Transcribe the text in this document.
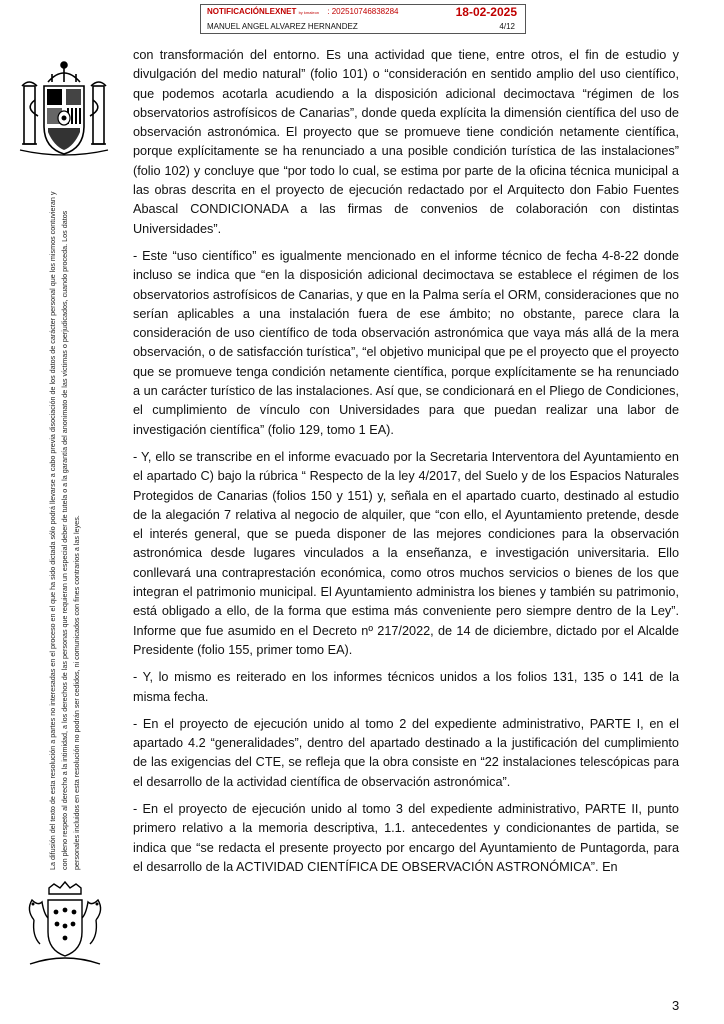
NOTIFICACIÓNLEXNET by kmaleon : 202510746838284	18-02-2025
MANUEL ANGEL ALVAREZ HERNANDEZ	4/12
La difusión del texto de esta resolución a partes no interesadas en el proceso en el que ha sido dictada sólo podrá llevarse a cabo previa disociación de los datos de carácter personal que los mismos contuvieran y con pleno respeto al derecho a la intimidad, a los derechos de las personas que requieran un especial deber de tutela o a la garantía del anonimato de las víctimas o perjudicados, cuando proceda. Los datos personales incluidos en esta resolución no podrán ser cedidos, ni comunicados con fines contrarios a las leyes.

con transformación del entorno. Es una actividad que tiene, entre otros, el fin de estudio y divulgación del medio natural” (folio 101) o “consideración en sentido amplio del uso científico, que podemos acotarla acudiendo a la disposición adicional decimoctava “régimen de los observatorios astrofísicos de Canarias”, donde queda explícita la dimensión científica del uso de observación astronómica. El proyecto que se promueve tiene condición netamente científica, porque explícitamente se ha renunciado a una posible condición turística de las instalaciones” (folio 102) y concluye que “por todo lo cual, se estima por parte de la oficina técnica municipal a las obras descrita en el proyecto de ejecución redactado por el Arquitecto don Fabio Fuentes Abascal CONDICIONADA a las firmas de convenios de colaboración con distintas Universidades”.

- Este “uso científico” es igualmente mencionado en el informe técnico de fecha 4-8-22 donde incluso se indica que “en la disposición adicional decimoctava se establece el régimen de los observatorios astrofísicos de Canarias, y que en la Palma sería el ORM, consideraciones que no serían aplicables a una instalación fuera de ese ámbito; no obstante, parece clara la consideración de uso científico de toda observación astronómica que vaya más allá de la mera observación, o de satisfacción turística”, “el objetivo municipal que pe el proyecto que el proyecto que se promueve tenga condición netamente científica, porque explícitamente se ha renunciado a un carácter turístico de las instalaciones. Así que, se condicionará en el Pliego de Condiciones, el cumplimiento de vínculo con Universidades para que puedan realizar una labor de investigación científica” (folio 129, tomo 1 EA).

- Y, ello se transcribe en el informe evacuado por la Secretaria Interventora del Ayuntamiento en el apartado C) bajo la rúbrica “ Respecto de la ley 4/2017, del Suelo y de los Espacios Naturales Protegidos de Canarias (folios 150 y 151) y, señala en el apartado cuarto, destinado al estudio de la alegación 7 relativa al negocio de alquiler, que “con ello, el Ayuntamiento pretende, desde el interés general, que se pueda disponer de las mejores condiciones para la observación astronómica desde lugares vinculados a la enseñanza, e investigación universitaria. Ello conllevará una contraprestación económica, como otros muchos servicios o bienes de los que integran el patrimonio municipal. El Ayuntamiento administra los bienes y también su patrimonio, está obligado a ello, de la forma que estima más conveniente pero siempre dentro de la Ley”. Informe que fue asumido en el Decreto nº 217/2022, de 14 de diciembre, dictado por el Alcalde Presidente (folio 155, primer tomo EA).

- Y, lo mismo es reiterado en los informes técnicos unidos a los folios 131, 135 o 141 de la misma fecha.

- En el proyecto de ejecución unido al tomo 2 del expediente administrativo, PARTE I, en el apartado 4.2 “generalidades”, dentro del apartado destinado a la justificación del cumplimiento de las exigencias del CTE, se refleja que la obra consiste en “22 instalaciones telescópicas para el desarrollo de la actividad científica de observación astronómica”.

- En el proyecto de ejecución unido al tomo 3 del expediente administrativo, PARTE II, punto primero relativo a la memoria descriptiva, 1.1. antecedentes y condicionantes de partida, se indica que “se redacta el presente proyecto por encargo del Ayuntamiento de Puntagorda, para el desarrollo de la ACTIVIDAD CIENTÍFICA DE OBSERVACIÓN ASTRONÓMICA”. En

3
